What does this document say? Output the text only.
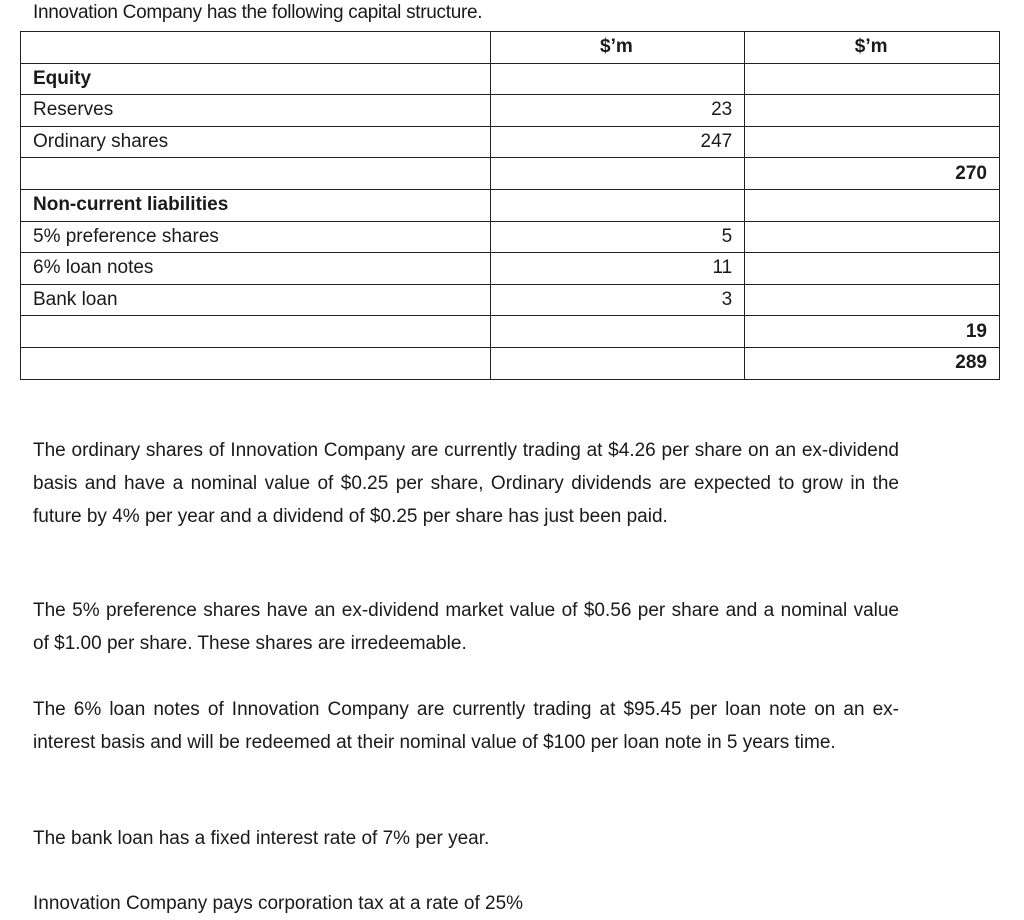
Innovation Company has the following capital structure.
	$’m	$’m
Equity		
Reserves	23	
Ordinary shares	247	
		270
Non-current liabilities		
5% preference shares	5	
6% loan notes	11	
Bank loan	3	
		19
		289

The ordinary shares of Innovation Company are currently trading at $4.26 per share on an ex-dividend basis and have a nominal value of $0.25 per share, Ordinary dividends are expected to grow in the future by 4% per year and a dividend of $0.25 per share has just been paid.

The 5% preference shares have an ex-dividend market value of $0.56 per share and a nominal value of $1.00 per share. These shares are irredeemable.

The 6% loan notes of Innovation Company are currently trading at $95.45 per loan note on an ex- interest basis and will be redeemed at their nominal value of $100 per loan note in 5 years time.

The bank loan has a fixed interest rate of 7% per year.

Innovation Company pays corporation tax at a rate of 25%
